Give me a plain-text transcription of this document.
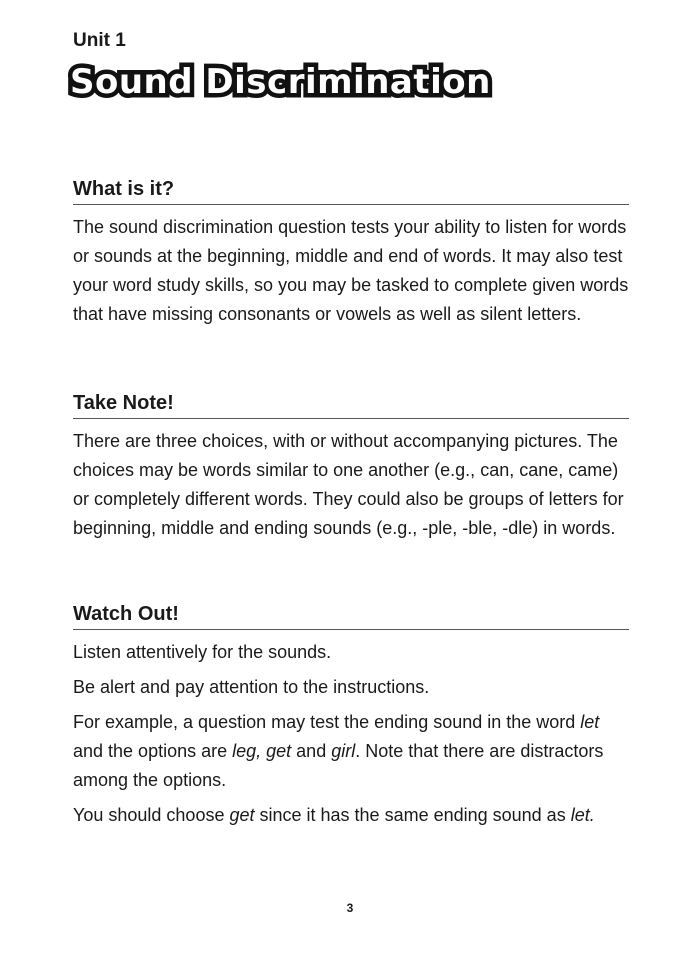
Unit 1
Sound Discrimination
What is it?

The sound discrimination question tests your ability to listen for words or sounds at the beginning, middle and end of words. It may also test your word study skills, so you may be tasked to complete given words that have missing consonants or vowels as well as silent letters.

Take Note!

There are three choices, with or without accompanying pictures. The choices may be words similar to one another (e.g., can, cane, came) or completely different words. They could also be groups of letters for beginning, middle and ending sounds (e.g., -ple, -ble, -dle) in words.

Watch Out!

Listen attentively for the sounds.

Be alert and pay attention to the instructions.

For example, a question may test the ending sound in the word let and the options are leg, get and girl. Note that there are distractors among the options.

You should choose get since it has the same ending sound as let.

3
